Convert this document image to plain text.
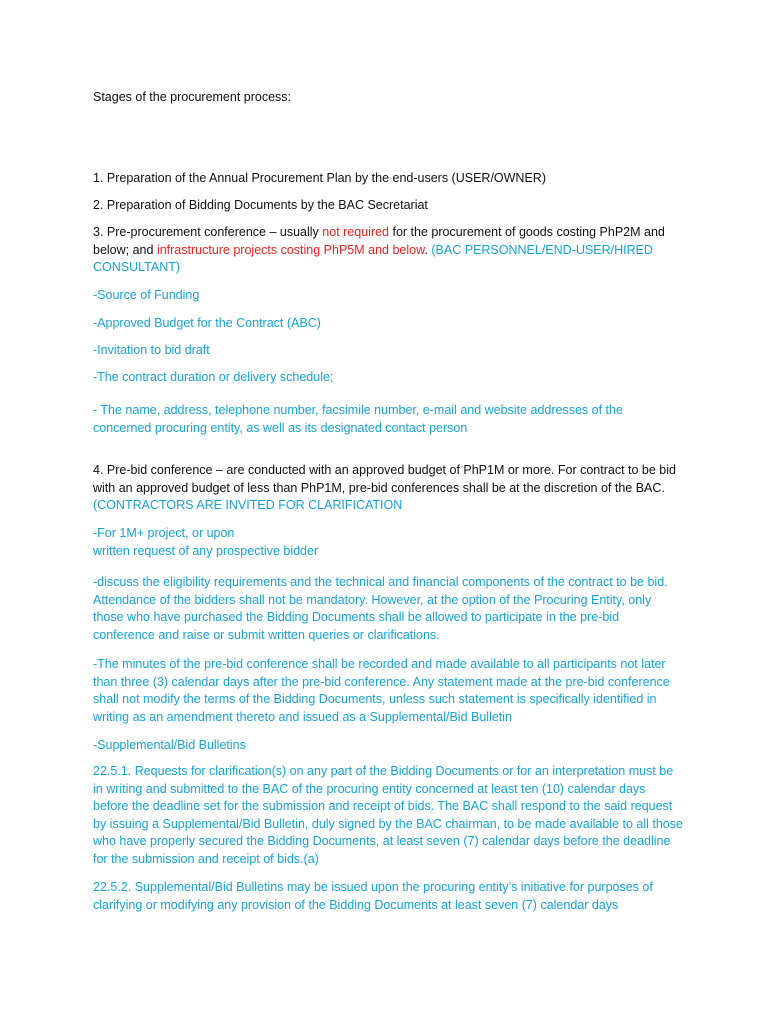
Stages of the procurement process:

1. Preparation of the Annual Procurement Plan by the end-users (USER/OWNER)

2. Preparation of Bidding Documents by the BAC Secretariat

3. Pre-procurement conference – usually not required for the procurement of goods costing PhP2M and below; and infrastructure projects costing PhP5M and below. (BAC PERSONNEL/END-USER/HIRED CONSULTANT)

-Source of Funding

-Approved Budget for the Contract (ABC)

-Invitation to bid draft

-The contract duration or delivery schedule;

- The name, address, telephone number, facsimile number, e-mail and website addresses of the concerned procuring entity, as well as its designated contact person

4. Pre-bid conference – are conducted with an approved budget of PhP1M or more. For contract to be bid with an approved budget of less than PhP1M, pre-bid conferences shall be at the discretion of the BAC. (CONTRACTORS ARE INVITED FOR CLARIFICATION

-For 1M+ project, or upon
written request of any prospective bidder

-discuss the eligibility requirements and the technical and financial components of the contract to be bid. Attendance of the bidders shall not be mandatory. However, at the option of the Procuring Entity, only those who have purchased the Bidding Documents shall be allowed to participate in the pre-bid conference and raise or submit written queries or clarifications.

-The minutes of the pre-bid conference shall be recorded and made available to all participants not later than three (3) calendar days after the pre-bid conference. Any statement made at the pre-bid conference shall not modify the terms of the Bidding Documents, unless such statement is specifically identified in writing as an amendment thereto and issued as a Supplemental/Bid Bulletin

-Supplemental/Bid Bulletins

22.5.1. Requests for clarification(s) on any part of the Bidding Documents or for an interpretation must be in writing and submitted to the BAC of the procuring entity concerned at least ten (10) calendar days before the deadline set for the submission and receipt of bids. The BAC shall respond to the said request by issuing a Supplemental/Bid Bulletin, duly signed by the BAC chairman, to be made available to all those who have properly secured the Bidding Documents, at least seven (7) calendar days before the deadline for the submission and receipt of bids.(a)

22.5.2. Supplemental/Bid Bulletins may be issued upon the procuring entity’s initiative for purposes of clarifying or modifying any provision of the Bidding Documents at least seven (7) calendar days
